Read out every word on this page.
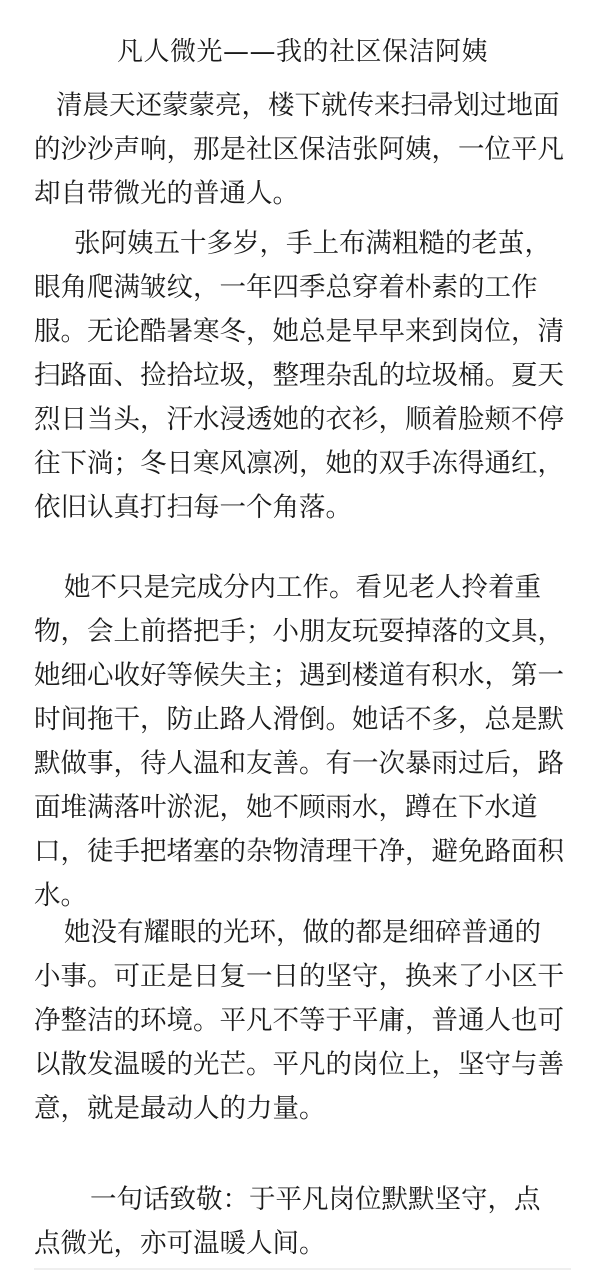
凡人微光——我的社区保洁阿姨

清晨天还蒙蒙亮，楼下就传来扫帚划过地面的沙沙声响，那是社区保洁张阿姨，一位平凡却自带微光的普通人。

张阿姨五十多岁，手上布满粗糙的老茧，眼角爬满皱纹，一年四季总穿着朴素的工作服。无论酷暑寒冬，她总是早早来到岗位，清扫路面、捡拾垃圾，整理杂乱的垃圾桶。夏天烈日当头，汗水浸透她的衣衫，顺着脸颊不停往下淌；冬日寒风凛冽，她的双手冻得通红，依旧认真打扫每一个角落。

她不只是完成分内工作。看见老人拎着重物，会上前搭把手；小朋友玩耍掉落的文具，她细心收好等候失主；遇到楼道有积水，第一时间拖干，防止路人滑倒。她话不多，总是默默做事，待人温和友善。有一次暴雨过后，路面堆满落叶淤泥，她不顾雨水，蹲在下水道口，徒手把堵塞的杂物清理干净，避免路面积水。

她没有耀眼的光环，做的都是细碎普通的小事。可正是日复一日的坚守，换来了小区干净整洁的环境。平凡不等于平庸，普通人也可以散发温暖的光芒。平凡的岗位上，坚守与善意，就是最动人的力量。

一句话致敬：于平凡岗位默默坚守，点点微光，亦可温暖人间。
